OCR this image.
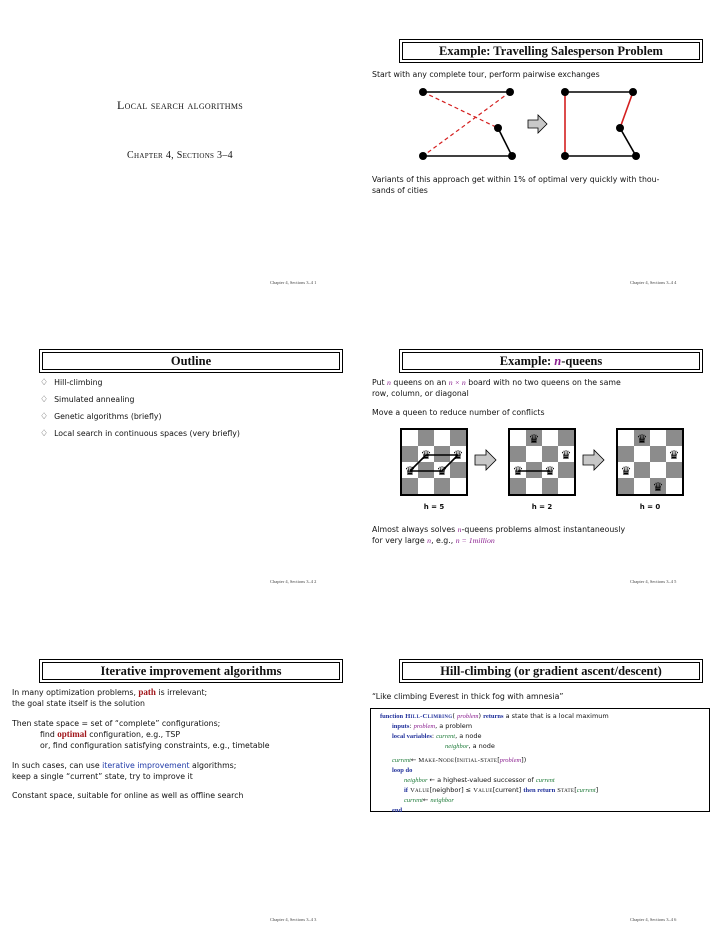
Local search algorithms
Chapter 4, Sections 3–4
Chapter 4, Sections 3–4 1
Example: Travelling Salesperson Problem
Start with any complete tour, perform pairwise exchanges
Variants of this approach get within 1% of optimal very quickly with thou-
sands of cities
Chapter 4, Sections 3–4 4
Outline
♢ Hill-climbing
♢ Simulated annealing
♢ Genetic algorithms (briefly)
♢ Local search in continuous spaces (very briefly)
Chapter 4, Sections 3–4 2
Example: n-queens
Put n queens on an n × n board with no two queens on the same
row, column, or diagonal
Move a queen to reduce number of conflicts
♛
♛
♛
♛
♛
♛
♛
♛
♛
♛
♛
♛
h = 5	h = 2	h = 0
Almost always solves n-queens problems almost instantaneously
for very large n, e.g., n = 1million
Chapter 4, Sections 3–4 5
Iterative improvement algorithms
In many optimization problems, path is irrelevant;
the goal state itself is the solution
Then state space = set of “complete” configurations;
find optimal configuration, e.g., TSP
or, find configuration satisfying constraints, e.g., timetable
In such cases, can use iterative improvement algorithms;
keep a single “current” state, try to improve it
Constant space, suitable for online as well as offline search
Chapter 4, Sections 3–4 3
Hill-climbing (or gradient ascent/descent)
“Like climbing Everest in thick fog with amnesia”
function Hill-Climbing( problem) returns a state that is a local maximum
inputs: problem, a problem
local variables: current, a node
neighbor, a node
current← Make-Node(Initial-State[problem])
loop do
neighbor ← a highest-valued successor of current
if Value[neighbor] ≤ Value[current] then return State[current]
current← neighbor
end
Chapter 4, Sections 3–4 6
